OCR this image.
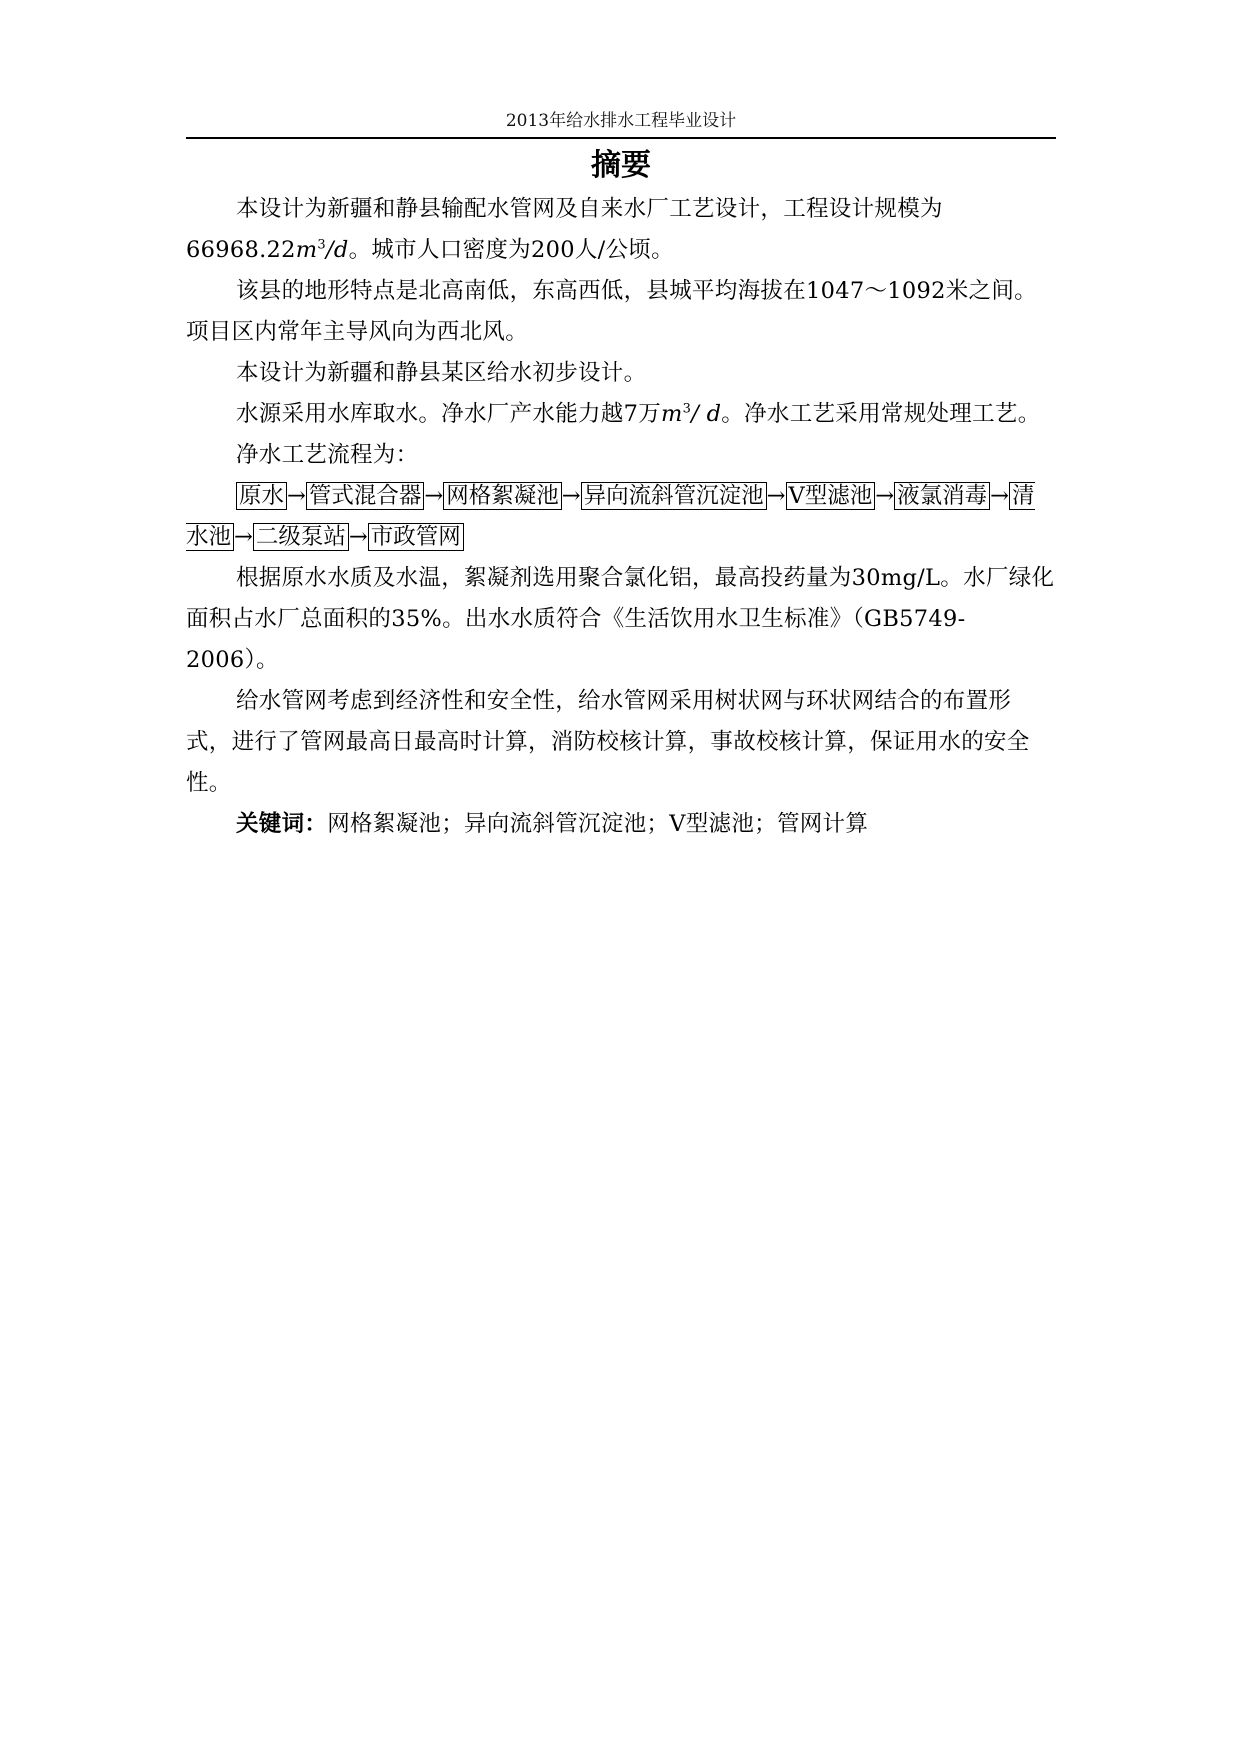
2013年给水排水工程毕业设计
摘要

本设计为新疆和静县输配水管网及自来水厂工艺设计，工程设计规模为$66968.22m^3/d$。城市人口密度为200人/公顷。

该县的地形特点是北高南低，东高西低，县城平均海拔在1047～1092米之间。项目区内常年主导风向为西北风。

本设计为新疆和静县某区给水初步设计。

水源采用水库取水。净水厂产水能力越7万$m^3/$ d。净水工艺采用常规处理工艺。

净水工艺流程为：

原水 → 管式混合器 → 网格絮凝池 → 异向流斜管沉淀池 → V型滤池 → 液氯消毒 → 清水池 → 二级泵站 → 市政管网

根据原水水质及水温，絮凝剂选用聚合氯化铝，最高投药量为30mg/L。水厂绿化面积占水厂总面积的35%。出水水质符合《生活饮用水卫生标准》（GB5749-2006）。

给水管网考虑到经济性和安全性，给水管网采用树状网与环状网结合的布置形式，进行了管网最高日最高时计算，消防校核计算，事故校核计算，保证用水的安全性。

关键词：网格絮凝池；异向流斜管沉淀池；V型滤池；管网计算
